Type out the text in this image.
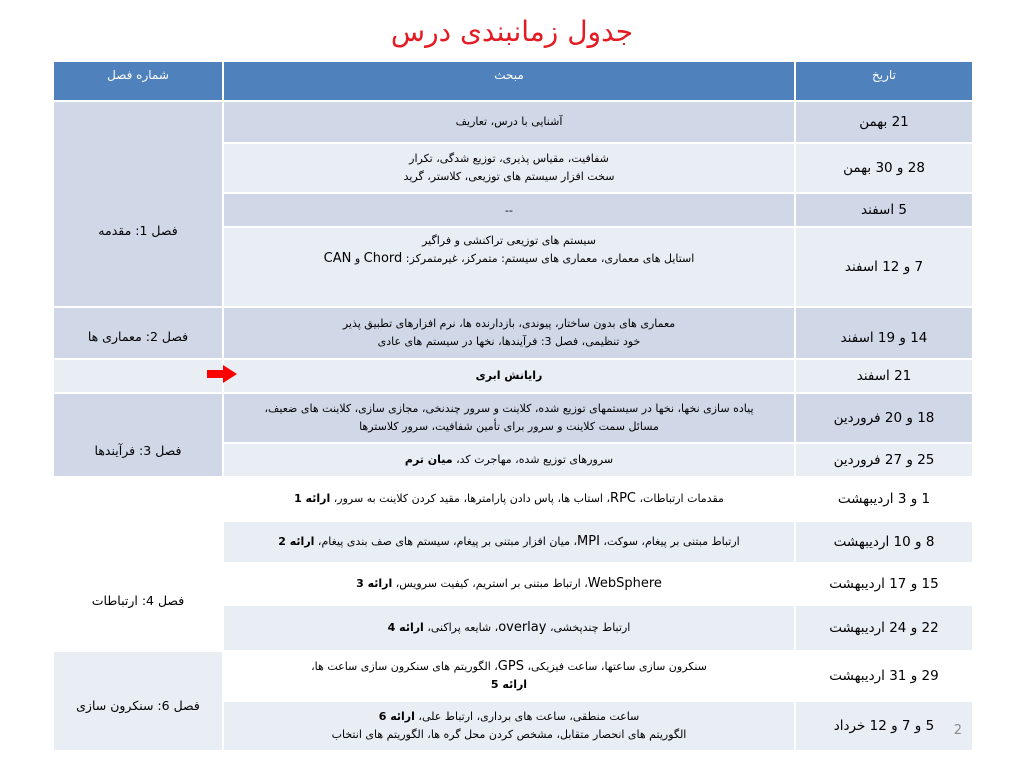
جدول زمانبندی درس
شماره فصل	مبحث	تاریخ
فصل 1: مقدمه	آشنایی با درس، تعاریف	21 بهمن

	شفافیت، مقیاس پذیری، توزیع شدگی، تکرار
سخت افزار سیستم های توزیعی، کلاستر، گرید	28 و 30 بهمن
	--	5 اسفند

	سیستم های توزیعی تراکنشی و فراگیر
استایل های معماری، معماری های سیستم: متمرکز، غیرمتمرکز: Chord و CAN	7 و 12 اسفند
فصل 2: معماری ها		

	معماری های بدون ساختار، پیوندی، بازدارنده ها، نرم افزارهای تطبیق پذیر
خود تنظیمی، فصل 3: فرآیندها، نخها در سیستم های عادی	14 و 19 اسفند
	رایانش ابری	21 اسفند
فصل 3: فرآیندها	پیاده سازی نخها، نخها در سیستمهای توزیع شده، کلاینت و سرور چندنخی، مجازی سازی، کلاینت های ضعیف،
مسائل سمت کلاینت و سرور برای تأمین شفافیت، سرور کلاسترها	18 و 20 فروردین
	سرورهای توزیع شده، مهاجرت کد، میان ترم	25 و 27 فروردین
فصل 4: ارتباطات	مقدمات ارتباطات، RPC، استاب ها، پاس دادن پارامترها، مقید کردن کلاینت به سرور، ارائه 1	1 و 3 اردیبهشت
	ارتباط مبتنی بر پیغام، سوکت، MPI، میان افزار مبتنی بر پیغام، سیستم های صف بندی پیغام، ارائه 2	8 و 10 اردیبهشت
	WebSphere، ارتباط مبتنی بر استریم، کیفیت سرویس، ارائه 3	15 و 17 اردیبهشت
	ارتباط چندپخشی، overlay، شایعه پراکنی، ارائه 4	22 و 24 اردیبهشت
فصل 6: سنکرون سازی	سنکرون سازی ساعتها، ساعت فیزیکی، GPS، الگوریتم های سنکرون سازی ساعت ها،
ارائه 5	29 و 31 اردیبهشت

	ساعت منطقی، ساعت های برداری، ارتباط علی، ارائه 6
الگوریتم های انحصار متقابل، مشخص کردن محل گره ها، الگوریتم های انتخاب	5 و 7 و 12 خرداد 2
